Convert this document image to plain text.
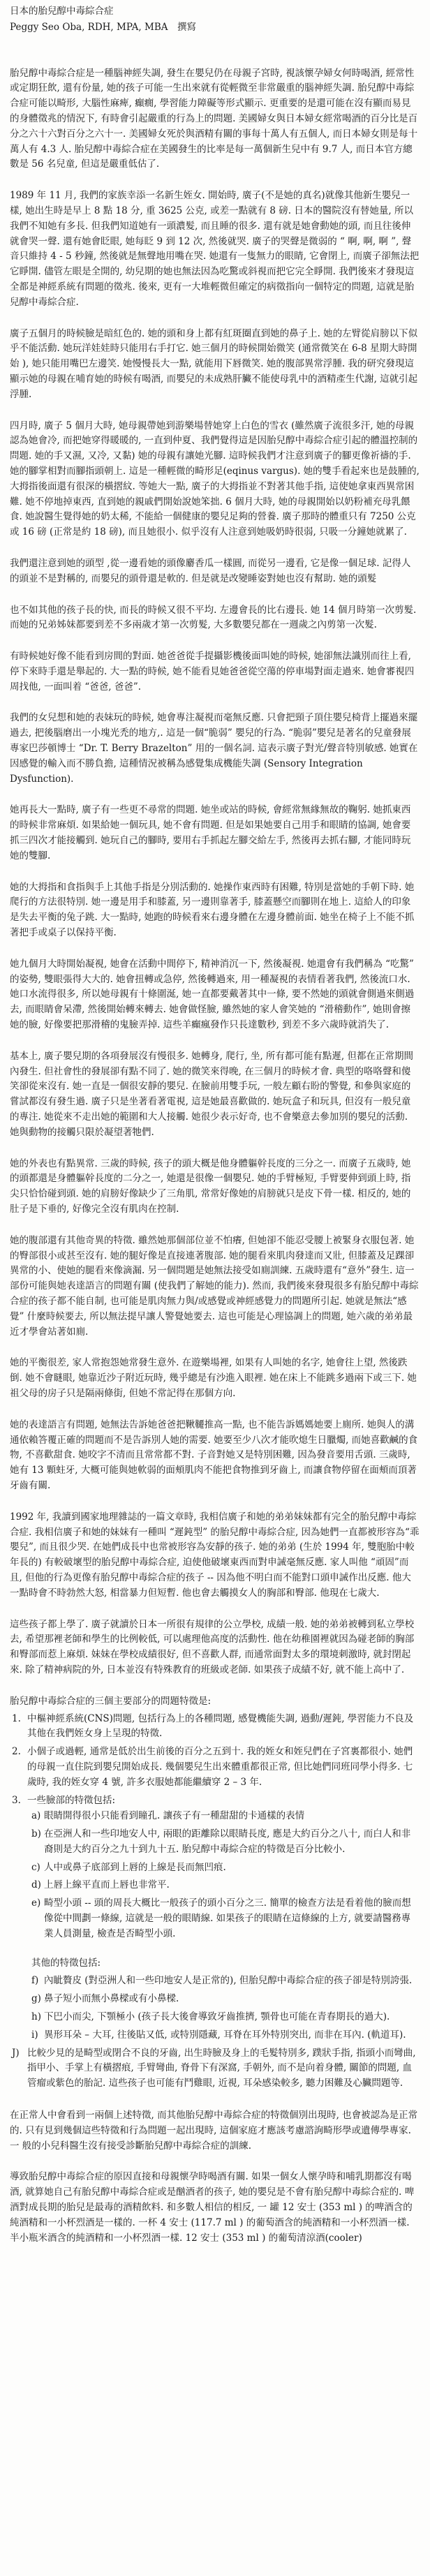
日本的胎兒醇中毒綜合症
Peggy Seo Oba, RDH, MPA, MBA　撰寫

胎兒醇中毒綜合症是一種腦神經失調, 發生在嬰兒仍在母親子宮時, 視該懷孕婦女何時喝酒, 經常性或定期狂飲, 還有份量, 她的孩子可能一生出來就有從輕微至非常嚴重的腦神經失調. 胎兒醇中毒綜合症可能以畸形, 大腦性麻痺, 癲癇, 學習能力障礙等形式顯示. 更重要的是還可能在沒有顯而易見的身體徵兆的情況下, 有時會引起嚴重的行為上的問題. 美國婦女與日本婦女經常喝酒的百分比是百分之六十六對百分之六十一. 美國婦女死於與酒精有關的事每十萬人有五個人, 而日本婦女則是每十萬人有 4.3 人. 胎兒醇中毒綜合症在美國發生的比率是每一萬個新生兒中有 9.7 人, 而日本官方總數是 56 名兒童, 但這是嚴重低估了.

1989 年 11 月, 我們的家族幸添一名新生姪女. 開始時, 廣子(不是她的真名)就像其他新生嬰兒一樣, 她出生時是早上 8 點 18 分, 重 3625 公克, 或差一點就有 8 磅. 日本的醫院沒有替她量, 所以我們不知她有多長. 但我們知道她有一頭濃髮, 而且睡的很多. 還有就是她會動她的頭, 而且往後伸就會哭一聲. 還有她會眨眼, 她每眨 9 到 12 次, 然後就哭. 廣子的哭聲是微弱的 “ 啊, 啊, 啊 ”, 聲音只維持 4 - 5 秒鐘, 然後就是無聲地用嘴在哭. 她還有一隻無力的眼睛, 它會閉上, 而廣子卻無法把它睜開. 儘管左眼是全開的, 幼兒期的她也無法因為吃驚或斜視而把它完全睜開. 我們後來才發現這全都是神經系統有問題的徵兆. 後來, 更有一大堆輕微但確定的病徵指向一個特定的問題, 這就是胎兒醇中毒綜合症.

廣子五個月的時候臉是暗紅色的. 她的頭和身上都有紅斑圈直到她的鼻子上. 她的左臂從肩膀以下似乎不能活動. 她玩洋娃娃時只能用右手打它. 她三個月的時候開始微笑 (通常微笑在 6-8 星期大時開始 ), 她只能用嘴巴左邊笑. 她慢慢長大一點, 就能用下唇微笑. 她的腹部異常浮腫. 我的研究發現這顯示她的母親在哺育她的時候有喝酒, 而嬰兒的未成熟肝臟不能使母乳中的酒精產生代謝, 這就引起浮腫.

四月時, 廣子 5 個月大時, 她母親帶她到游樂場替她穿上白色的雪衣 (雖然廣子流很多汗, 她的母親認為她會冷, 而把她穿得暖暖的, 一直到仲夏、我們覺得這是因胎兒醇中毒綜合症引起的體溫控制的問題. 她的手又濕, 又冷, 又黏) 她的母親有讓她光腳. 這時候我們才注意到廣子的腳更像祈禱的手. 她的腳掌相對而腳指頭朝上. 這是一種輕微的畸形足(eqinus vargus). 她的雙手看起來也是鼓腫的, 大拇指後面還有很深的橫摺紋. 等她大一點, 廣子的大拇指並不對著其他手指, 這使她拿東西異常困難. 她不停地掉東西, 直到她的親戚們開始說她笨拙. 6 個月大時, 她的母親開始以奶粉補充母乳餵食. 她說醫生覺得她的奶太稀, 不能給一個健康的嬰兒足夠的營養. 廣子那時的體重只有 7250 公克或 16 磅 (正常是約 18 磅), 而且她很小. 似乎沒有人注意到她吸奶時很弱, 只吸一分鐘她就累了.

我們還注意到她的頭型 ,從一邊看她的頭像麝香瓜一樣圓, 而從另一邊看, 它是像一個足球. 記得人的頭並不是對稱的, 而嬰兒的頭骨還是軟的. 但是就是改變睡姿對她也沒有幫助. 她的頭髮

也不如其他的孩子長的快, 而長的時候又很不平均. 左邊會長的比右邊長. 她 14 個月時第一次剪髮. 而她的兄弟姊妹都要到差不多兩歲才第一次剪髮, 大多數嬰兒都在一週歲之內剪第一次髮.

有時候她好像不能看到房間的對面. 她爸爸從手提攝影機後面叫她的時候, 她卻無法識別而往上看, 停下來時手還是舉起的. 大一點的時候, 她不能看見她爸爸從空蕩的停車場對面走過來. 她會審視四周找他, 一面叫着 “爸爸, 爸爸”.

我們的女兒想和她的表妹玩的時候, 她會專注凝視而毫無反應. 只會把頸子頂住嬰兒椅背上擺過來擺過去, 把後腦磨出一小塊光禿的地方,. 這是一個“脆弱” 嬰兒的行為. “脆弱”嬰兒是著名的兒童發展專家巴莎頓博士 “Dr. T. Berry Brazelton” 用的一個名詞. 這表示廣子對光/聲音特別敏感. 她實在因感覺的輸入而不勝負擔, 這種情況被稱為感覺集成機能失調 (Sensory Integration Dysfunction).

她再長大一點時, 廣子有一些更不尋常的問題. 她坐或站的時候, 會經常無緣無故的鞠躬. 她抓東西的時候非常麻煩. 如果給她一個玩具, 她不會有問題. 但是如果她要自己用手和眼睛的協調, 她會要抓三四次才能接觸到. 她玩自己的腳時, 要用右手抓起左腳交給左手, 然後再去抓右腳, 才能同時玩她的雙腳.

她的大拇指和食指與手上其他手指是分別活動的. 她操作東西時有困難, 特別是當她的手朝下時. 她爬行的方法很特別. 她一邊是用手和膝蓋, 另一邊則靠著手, 膝蓋懸空而腳則在地上. 這給人的印象是失去平衡的兔子跳. 大一點時, 她跑的時候看來右邊身體在左邊身體前面. 她坐在椅子上不能不抓著把手或桌子以保持平衡.

她九個月大時開始凝視, 她會在活動中間停下, 精神消沉一下, 然後凝視. 她還會有我們稱為 “吃驚” 的姿勢, 雙眼張得大大的. 她會扭轉或急停, 然後轉過來, 用一種凝視的表情看著我們, 然後流口水. 她口水流得很多, 所以她母親有十條圍涎, 她一直都要戴著其中一條, 要不然她的頭就會側過來側過去, 而眼睛會呆滯, 然後開始轉來轉去. 她會做怪臉, 雖然她的家人會笑她的 “滑稽動作”, 她則會擦她的臉, 好像要把那滑稽的鬼臉弄掉. 這些羊癲瘋發作只長達數秒, 到差不多六歲時就消失了.

基本上, 廣子嬰兒期的各項發展沒有慢很多. 她轉身, 爬行, 坐, 所有都可能有點遲, 但都在正常期間內發生. 但社會性的發展卻有點不同了. 她的微笑來得晚, 在三個月的時候才會. 典型的咯咯聲和傻笑卻從來沒有. 她一直是一個很安靜的嬰兒. 在臉前用雙手玩, 一般左顧右盼的警覺, 和參與家庭的嘗試都沒有發生過. 廣子只是坐著看著電視, 這是她最喜歡做的. 她玩盒子和玩具, 但沒有一般兒童的專注. 她從來不走出她的範圍和大人接觸. 她很少表示好奇, 也不會樂意去參加別的嬰兒的活動. 她與動物的接觸只限於凝望著牠們.

她的外表也有點異常. 三歲的時候, 孩子的頭大概是他身體軀幹長度的三分之一. 而廣子五歲時, 她的頭都還是身體軀幹長度的二分之一, 她還是很像一個嬰兒. 她的手臂極短, 手臂要伸到頭上時, 指尖只恰恰碰到頭. 她的肩膀好像缺少了三角肌, 常常好像她的肩膀就只是皮下骨一樣. 相反的, 她的肚子是下垂的, 好像完全沒有肌肉在控制.

她的腹部還有其他奇異的特徵. 雖然她那個部位並不怕癢, 但她卻不能忍受腰上被緊身衣服包著. 她的臀部很小或甚至沒有. 她的腿好像是直接連著腹部. 她的腿看來肌肉發達而又壯, 但膝蓋及足踝卻異常的小、使她的腿看來像滴漏. 另一個問題是她無法接受如廁訓練. 五歲時還有“意外”發生. 這一部份可能與她表達語言的問題有關 (使我們了解她的能力). 然而, 我們後來發現很多有胎兒醇中毒綜合症的孩子都不能自制, 也可能是肌肉無力與/或感覺或神經感覺力的問題所引起. 她就是無法“感覺” 什麼時候要去, 所以無法提早讓人警覺她要去. 這也可能是心理協調上的問題, 她六歲的弟弟最近才學會站著如廁.

她的平衡很差, 家人常抱怨她常發生意外. 在遊樂場裡, 如果有人叫她的名字, 她會往上望, 然後跌倒. 她不會瞇眼, 她靠近沙子附近玩時, 幾乎總是有沙進入眼裡. 她在床上不能跳多過兩下或三下. 她祖父母的房子只是隔兩條街, 但她不常記得在那個方向.

她的表達語言有問題, 她無法告訴她爸爸把鞦韆推高一點, 也不能告訴媽媽她要上廁所. 她與人的溝通依賴答覆正確的問題而不是告訴別人她的需要. 她要至少八次才能吹熄生日臘燭, 而她喜歡鹹的食物, 不喜歡甜食. 她咬字不清而且常常都不對. 子音對她又是特別困難, 因為發音要用舌頭. 三歲時, 她有 13 顆蛀牙, 大概可能與她軟弱的面頰肌肉不能把食物推到牙齒上, 而讓食物停留在面頰而頂著牙齒有關.

1992 年, 我讀到國家地理雜誌的一篇文章時, 我相信廣子和她的弟弟妹妹都有完全的胎兒醇中毒綜合症. 我相信廣子和她的妹妹有一種叫 “遲鈍型” 的胎兒醇中毒綜合症, 因為她們一直都被形容為“乖嬰兒”, 而且很少哭. 在她們成長中也常被形容為安靜的孩子. 她的弟弟 (生於 1994 年, 雙胞胎中較年長的) 有較破壞型的胎兒醇中毒綜合症, 迫使他破壞東西而對申誡毫無反應. 家人叫他 “頑固”而且, 但他的行為更像有胎兒醇中毒綜合症的孩子 -- 因為他不明白而不能對口頭申誡作出反應. 他大一點時會不時勃然大怒, 相當暴力但短暫. 他也會去觸摸女人的胸部和臀部. 他現在七歲大.

這些孩子都上學了. 廣子就讀於日本一所很有規律的公立學校, 成績一般. 她的弟弟被轉到私立學校去, 希望那裡老師和學生的比例較低, 可以處理他高度的活動性. 他在幼稚園裡就因為碰老師的胸部和臀部而惹上麻煩. 妹妹在學校成績很好, 但不喜歡人群, 而通常面對太多的環境刺激時, 就封閉起來. 除了精神病院的外, 日本並沒有特殊教育的班級或老師. 如果孩子成績不好, 就不能上高中了.

胎兒醇中毒綜合症的三個主要部分的問題特徵是:
1. 中樞神經系統(CNS)問題, 包括行為上的各種問題, 感覺機能失調, 過動/遲鈍, 學習能力不良及其他在我們姪女身上呈現的特徵.
2. 小個子或過輕, 通常是低於出生前後的百分之五到十. 我的姪女和姪兒們在子宮裏都很小. 她們的母親一直住院到嬰兒開始成長. 幾個嬰兒生出來體重都很正常, 但比她們同班同學小得多. 七歲時, 我的姪女穿 4 號, 許多衣服她都能繼續穿 2 – 3 年.
3. 一些臉部的特徵包括:
a) 眼睛開得很小只能看到瞳孔. 讓孩子有一種甜甜的卡通樣的表情
b) 在亞洲人和一些印地安人中, 兩眼的距離除以眼睛長度, 應是大約百分之八十, 而白人和非裔則是大約百分之九十到九十五. 胎兒醇中毒綜合症的特徵是百分比較小.
c) 人中或鼻子底部到上唇的上線是長而無凹痕.
d) 上唇上線平直而上唇也非常平.
e) 畸型小頭 -- 頭的周長大概比一般孩子的頭小百分之三. 簡單的檢查方法是看着他的臉而想像從中間劃一條線, 這就是一般的眼睛線. 如果孩子的眼睛在這條線的上方, 就要請醫務專業人員測量, 檢查是否畸型小頭.
其他的特徵包括:
f) 內眦贅皮 (對亞洲人和一些印地安人是正常的), 但胎兒醇中毒綜合症的孩子卻是特別誇張.
g) 鼻子短小而無小鼻樑或有小鼻樑.
h) 下巴小而尖, 下顎極小 (孩子長大後會導致牙齒推擠, 顎骨也可能在青春期長的過大).
i) 異形耳朵 – 大耳, 往後貼又低, 或特別隱藏, 耳脊在耳外特別突出, 而非在耳內. (軌道耳).
J) 比較少見的是畸型或閉合不良的牙齒, 出生時臉及身上的毛髮特別多, 蹼狀手指, 指頭小而彎曲, 指甲小、手掌上有橫摺痕, 手臂彎曲, 脊骨下有深窩, 手朝外, 而不是向着身體, 關節的問題, 血管瘤或紫色的胎記. 這些孩子也可能有鬥雞眼, 近視, 耳朵感染較多, 聽力困難及心臟問題等.

在正常人中會看到一兩個上述特徵, 而其他胎兒醇中毒綜合症的特徵個別出現時, 也會被認為是正常的. 只有見到幾個這些特徵和行為問題一起出現時, 這個家庭才應該考慮諮詢畸形學或遺傳學專家. 一 般的小兒科醫生沒有接受診斷胎兒醇中毒綜合症的訓練.

導致胎兒醇中毒綜合症的原因直接和母親懷孕時喝酒有關. 如果一個女人懷孕時和哺乳期都沒有喝酒, 就算她自己有胎兒醇中毒綜合症或是酗酒者的孩子, 她的嬰兒是不會有胎兒醇中毒綜合症的. 啤酒對成長期的胎兒是最毒的酒精飲料. 和多數人相信的相反, 一 罐 12 安士 (353 ml ) 的啤酒含的純酒精和一小杯烈酒是一樣的. 一杯 4 安士 (117.7 ml ) 的葡萄酒含的純酒精和一小杯烈酒一樣. 半小瓶米酒含的純酒精和一小杯烈酒一樣. 12 安士 (353 ml ) 的葡萄清涼酒(cooler)
